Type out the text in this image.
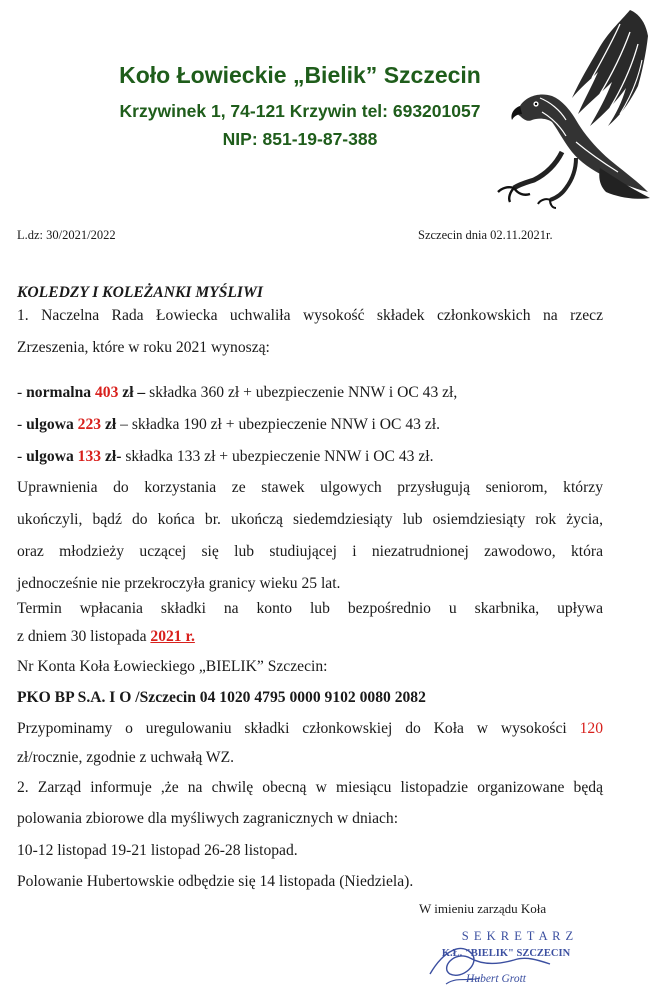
Koło Łowieckie „Bielik” Szczecin
Krzywinek 1, 74-121 Krzywin tel: 693201057
NIP: 851-19-87-388
L.dz: 30/2021/2022	Szczecin dnia 02.11.2021r.
KOLEDZY I KOLEŻANKI MYŚLIWI
1. Naczelna Rada Łowiecka uchwaliła wysokość składek członkowskich na rzecz
Zrzeszenia, które w roku 2021 wynoszą:
- normalna 403 zł – składka 360 zł + ubezpieczenie NNW i OC 43 zł,
- ulgowa 223 zł – składka 190 zł + ubezpieczenie NNW i OC 43 zł.
- ulgowa 133 zł- składka 133 zł + ubezpieczenie NNW i OC 43 zł.
Uprawnienia do korzystania ze stawek ulgowych przysługują seniorom, którzy
ukończyli, bądź do końca br. ukończą siedemdziesiąty lub osiemdziesiąty rok życia,
oraz młodzieży uczącej się lub studiującej i niezatrudnionej zawodowo, która
jednocześnie nie przekroczyła granicy wieku 25 lat.
Termin wpłacania składki na konto lub bezpośrednio u skarbnika, upływa
z dniem 30 listopada 2021 r.
Nr Konta Koła Łowieckiego „BIELIK” Szczecin:
PKO BP S.A. I O /Szczecin 04 1020 4795 0000 9102 0080 2082
Przypominamy o uregulowaniu składki członkowskiej do Koła w wysokości 120
zł/rocznie, zgodnie z uchwałą WZ.
2. Zarząd informuje ,że na chwilę obecną w miesiącu listopadzie organizowane będą
polowania zbiorowe dla myśliwych zagranicznych w dniach:
10-12 listopad 19-21 listopad 26-28 listopad.
Polowanie Hubertowskie odbędzie się 14 listopada (Niedziela).
W imieniu zarządu Koła
S E K R E T A R Z
K.Ł. "BIELIK" SZCZECIN
Hubert Grott
